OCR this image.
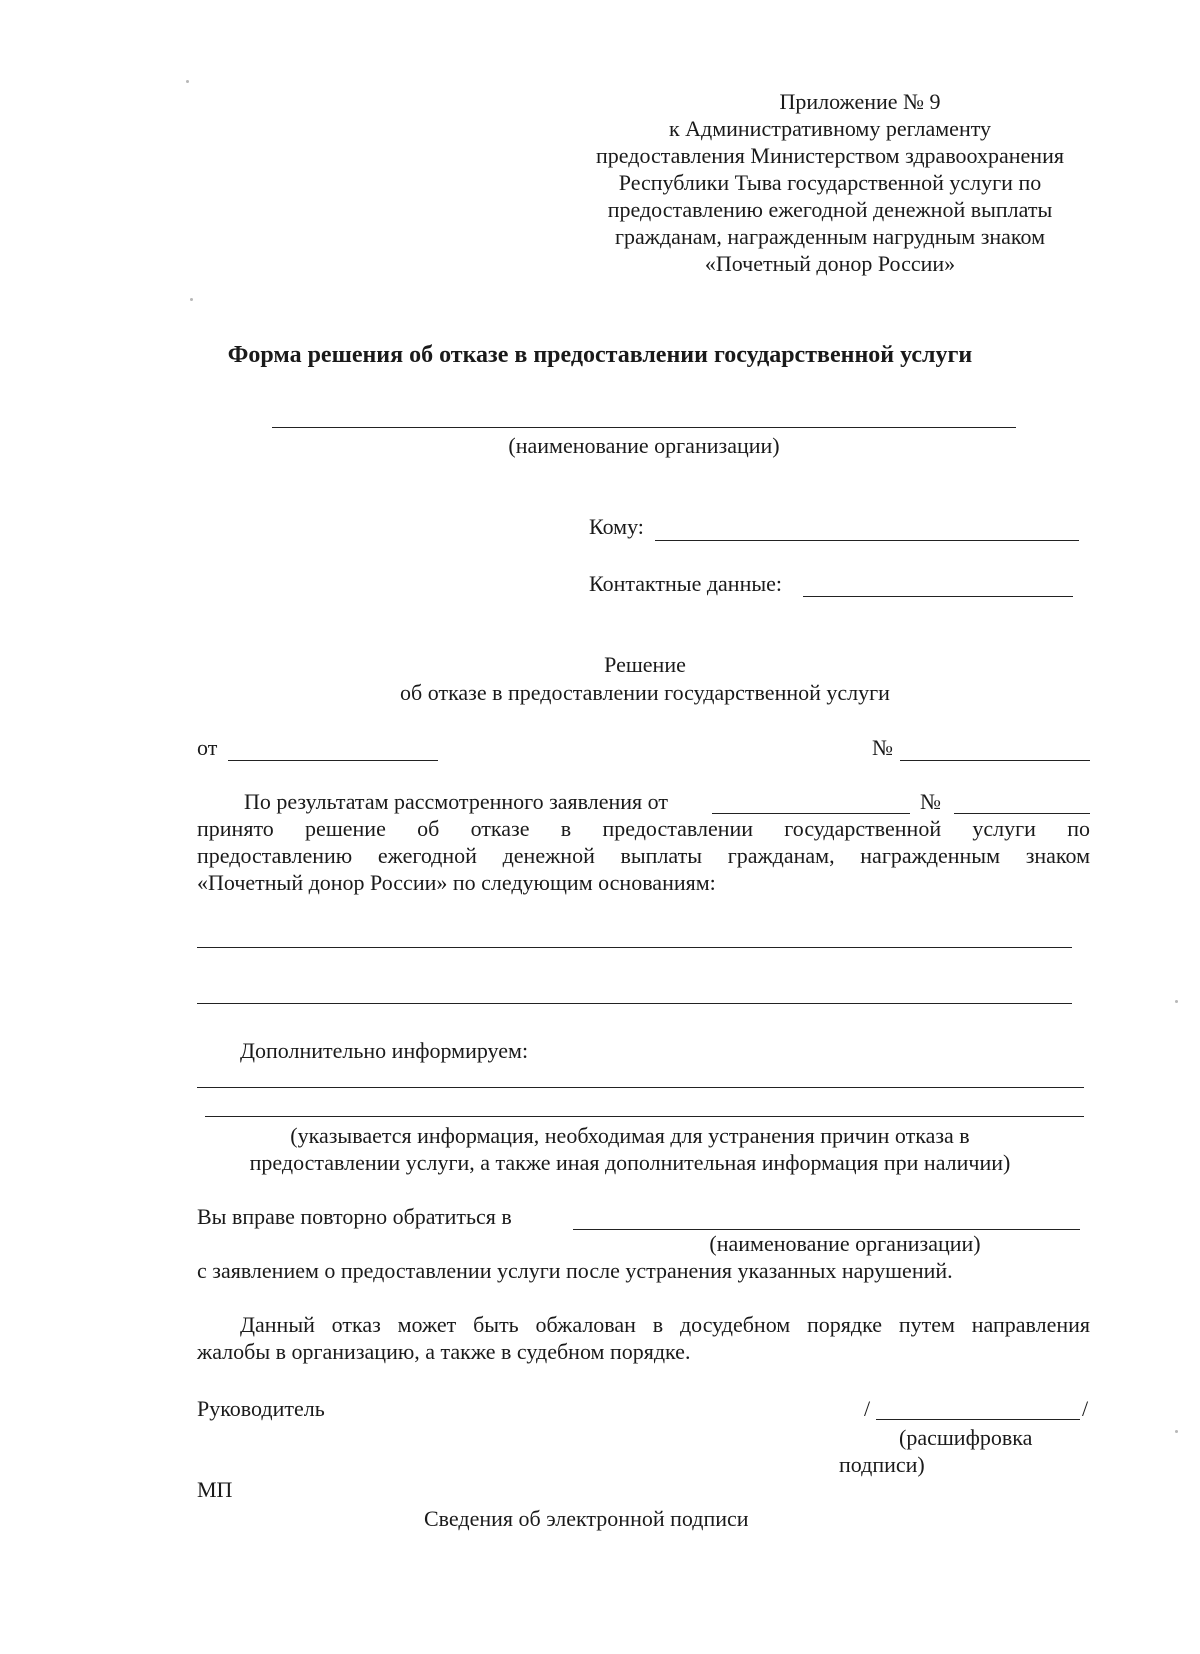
Приложение № 9
к Административному регламенту
предоставления Министерством здравоохранения
Республики Тыва государственной услуги по
предоставлению ежегодной денежной выплаты
гражданам, награжденным нагрудным знаком
«Почетный донор России»
Форма решения об отказе в предоставлении государственной услуги
(наименование организации)
Кому:
Контактные данные:
Решение
об отказе в предоставлении государственной услуги
от	№
По результатам рассмотренного заявления от	№
принято решение об отказе в предоставлении государственной услуги по
предоставлению ежегодной денежной выплаты гражданам, награжденным знаком
«Почетный донор России» по следующим основаниям:
Дополнительно информируем:
(указывается информация, необходимая для устранения причин отказа в
предоставлении услуги, а также иная дополнительная информация при наличии)
Вы вправе повторно обратиться в
(наименование организации)
с заявлением о предоставлении услуги после устранения указанных нарушений.
Данный отказ может быть обжалован в досудебном порядке путем направления
жалобы в организацию, а также в судебном порядке.
Руководитель	/	/
(расшифровка
подписи)
МП
Сведения об электронной подписи
